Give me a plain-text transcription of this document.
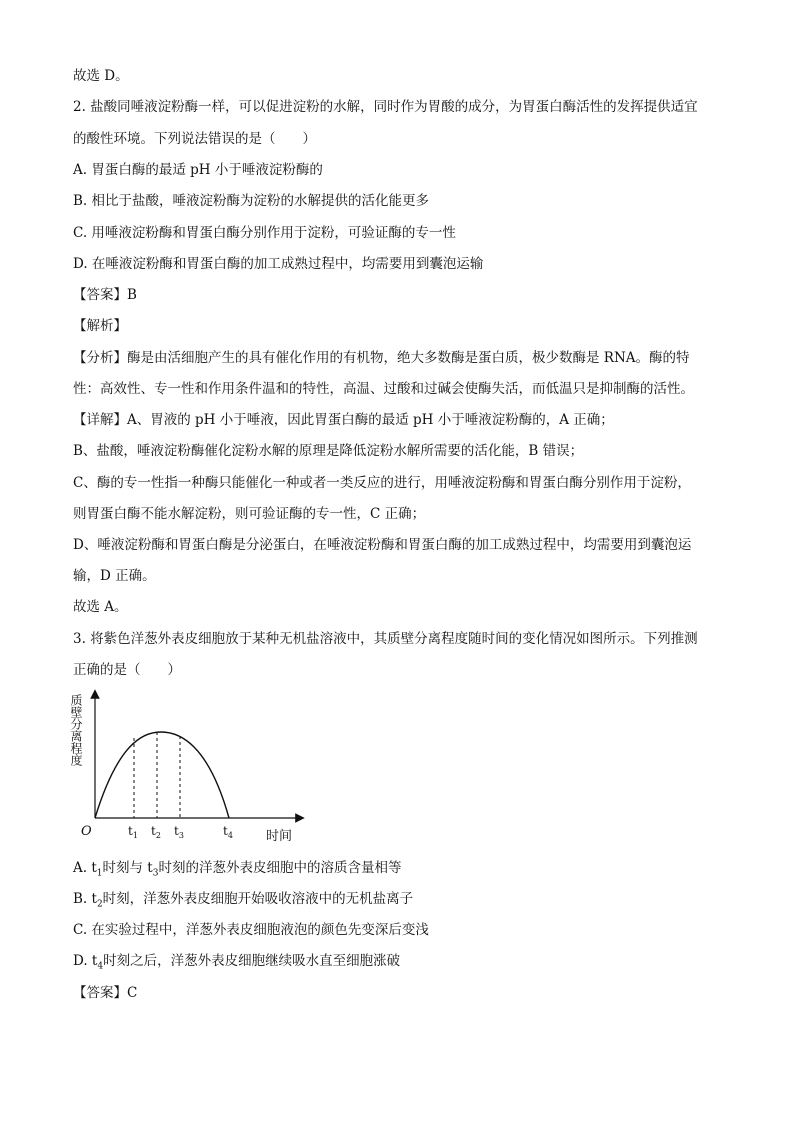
故选 D。
2. 盐酸同唾液淀粉酶一样，可以促进淀粉的水解，同时作为胃酸的成分，为胃蛋白酶活性的发挥提供适宜
的酸性环境。下列说法错误的是（　　）
A. 胃蛋白酶的最适 pH 小于唾液淀粉酶的
B. 相比于盐酸，唾液淀粉酶为淀粉的水解提供的活化能更多
C. 用唾液淀粉酶和胃蛋白酶分别作用于淀粉，可验证酶的专一性
D. 在唾液淀粉酶和胃蛋白酶的加工成熟过程中，均需要用到囊泡运输
【答案】B
【解析】
【分析】酶是由活细胞产生的具有催化作用的有机物，绝大多数酶是蛋白质，极少数酶是 RNA。酶的特
性：高效性、专一性和作用条件温和的特性，高温、过酸和过碱会使酶失活，而低温只是抑制酶的活性。
【详解】A、胃液的 pH 小于唾液，因此胃蛋白酶的最适 pH 小于唾液淀粉酶的，A 正确；
B、盐酸，唾液淀粉酶催化淀粉水解的原理是降低淀粉水解所需要的活化能，B 错误；
C、酶的专一性指一种酶只能催化一种或者一类反应的进行，用唾液淀粉酶和胃蛋白酶分别作用于淀粉，
则胃蛋白酶不能水解淀粉，则可验证酶的专一性，C 正确；
D、唾液淀粉酶和胃蛋白酶是分泌蛋白，在唾液淀粉酶和胃蛋白酶的加工成熟过程中，均需要用到囊泡运
输，D 正确。
故选 A。
3. 将紫色洋葱外表皮细胞放于某种无机盐溶液中，其质壁分离程度随时间的变化情况如图所示。下列推测
正确的是（　　）
质壁分离程度
O	$t_1$ $t_2$ $t_3$	$t_4$	时间
A. $t_1$时刻与 $t_3$时刻的洋葱外表皮细胞中的溶质含量相等
B. $t_2$时刻，洋葱外表皮细胞开始吸收溶液中的无机盐离子
C. 在实验过程中，洋葱外表皮细胞液泡的颜色先变深后变浅
D. $t_4$时刻之后，洋葱外表皮细胞继续吸水直至细胞涨破
【答案】C
